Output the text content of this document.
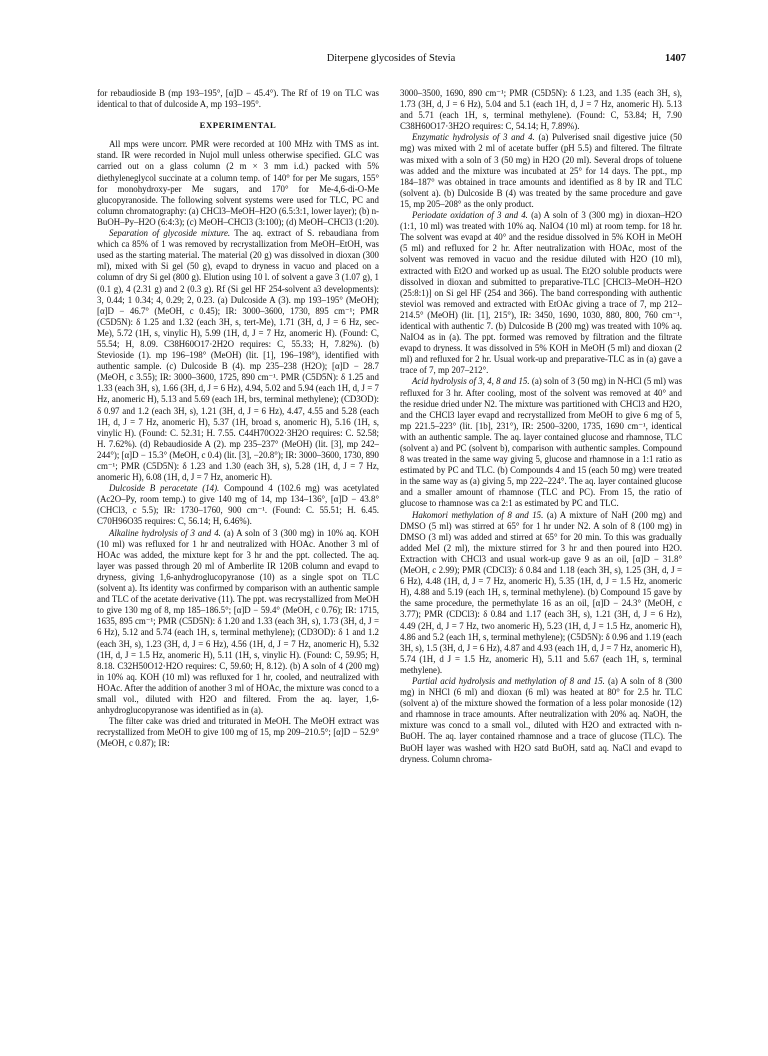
Diterpene glycosides of Stevia	1407

for rebaudioside B (mp 193–195°, [α]D − 45.4°). The Rf of 19 on TLC was identical to that of dulcoside A, mp 193–195°.

EXPERIMENTAL

All mps were uncorr. PMR were recorded at 100 MHz with TMS as int. stand. IR were recorded in Nujol mull unless otherwise specified. GLC was carried out on a glass column (2 m × 3 mm i.d.) packed with 5% diethyleneglycol succinate at a column temp. of 140° for per Me sugars, 155° for monohydroxy-per Me sugars, and 170° for Me-4,6-di-O-Me glucopyranoside. The following solvent systems were used for TLC, PC and column chromatography: (a) CHCl3–MeOH–H2O (6.5:3:1, lower layer); (b) n-BuOH–Py–H2O (6:4:3); (c) MeOH–CHCl3 (3:100); (d) MeOH–CHCl3 (1:20).

Separation of glycoside mixture. The aq. extract of S. rebaudiana from which ca 85% of 1 was removed by recrystallization from MeOH–EtOH, was used as the starting material. The material (20 g) was dissolved in dioxan (300 ml), mixed with Si gel (50 g), evapd to dryness in vacuo and placed on a column of dry Si gel (800 g). Elution using 10 l. of solvent a gave 3 (1.07 g), 1 (0.1 g), 4 (2.31 g) and 2 (0.3 g). Rf (Si gel HF 254-solvent a3 developments): 3, 0.44; 1 0.34; 4, 0.29; 2, 0.23. (a) Dulcoside A (3). mp 193–195° (MeOH); [α]D − 46.7° (MeOH, c 0.45); IR: 3000–3600, 1730, 895 cm⁻¹; PMR (C5D5N): δ 1.25 and 1.32 (each 3H, s, tert-Me), 1.71 (3H, d, J = 6 Hz, sec-Me), 5.72 (1H, s, vinylic H), 5.99 (1H, d, J = 7 Hz, anomeric H). (Found: C, 55.54; H, 8.09. C38H60O17·2H2O requires: C, 55.33; H, 7.82%). (b) Stevioside (1). mp 196–198° (MeOH) (lit. [1], 196–198°), identified with authentic sample. (c) Dulcoside B (4). mp 235–238 (H2O); [α]D − 28.7 (MeOH, c 3.55); IR: 3000–3600, 1725, 890 cm⁻¹. PMR (C5D5N): δ 1.25 and 1.33 (each 3H, s), 1.66 (3H, d, J = 6 Hz), 4.94, 5.02 and 5.94 (each 1H, d, J = 7 Hz, anomeric H), 5.13 and 5.69 (each 1H, brs, terminal methylene); (CD3OD): δ 0.97 and 1.2 (each 3H, s), 1.21 (3H, d, J = 6 Hz), 4.47, 4.55 and 5.28 (each 1H, d, J = 7 Hz, anomeric H), 5.37 (1H, broad s, anomeric H), 5.16 (1H, s, vinylic H). (Found: C. 52.31; H. 7.55. C44H70O22·3H2O requires: C. 52.58; H. 7.62%). (d) Rebaudioside A (2). mp 235–237° (MeOH) (lit. [3], mp 242–244°); [α]D − 15.3° (MeOH, c 0.4) (lit. [3], −20.8°); IR: 3000–3600, 1730, 890 cm⁻¹; PMR (C5D5N): δ 1.23 and 1.30 (each 3H, s), 5.28 (1H, d, J = 7 Hz, anomeric H), 6.08 (1H, d, J = 7 Hz, anomeric H).

Dulcoside B peracetate (14). Compound 4 (102.6 mg) was acetylated (Ac2O–Py, room temp.) to give 140 mg of 14, mp 134–136°, [α]D − 43.8° (CHCl3, c 5.5); IR: 1730–1760, 900 cm⁻¹. (Found: C. 55.51; H. 6.45. C70H96O35 requires: C, 56.14; H, 6.46%).

Alkaline hydrolysis of 3 and 4. (a) A soln of 3 (300 mg) in 10% aq. KOH (10 ml) was refluxed for 1 hr and neutralized with HOAc. Another 3 ml of HOAc was added, the mixture kept for 3 hr and the ppt. collected. The aq. layer was passed through 20 ml of Amberlite IR 120B column and evapd to dryness, giving 1,6-anhydroglucopyranose (10) as a single spot on TLC (solvent a). Its identity was confirmed by comparison with an authentic sample and TLC of the acetate derivative (11). The ppt. was recrystallized from MeOH to give 130 mg of 8, mp 185–186.5°; [α]D − 59.4° (MeOH, c 0.76); IR: 1715, 1635, 895 cm⁻¹; PMR (C5D5N): δ 1.20 and 1.33 (each 3H, s), 1.73 (3H, d, J = 6 Hz), 5.12 and 5.74 (each 1H, s, terminal methylene); (CD3OD): δ 1 and 1.2 (each 3H, s), 1.23 (3H, d, J = 6 Hz), 4.56 (1H, d, J = 7 Hz, anomeric H), 5.32 (1H, d, J = 1.5 Hz, anomeric H), 5.11 (1H, s, vinylic H). (Found: C, 59.95; H, 8.18. C32H50O12·H2O requires: C, 59.60; H, 8.12). (b) A soln of 4 (200 mg) in 10% aq. KOH (10 ml) was refluxed for 1 hr, cooled, and neutralized with HOAc. After the addition of another 3 ml of HOAc, the mixture was concd to a small vol., diluted with H2O and filtered. From the aq. layer, 1,6-anhydroglucopyranose was identified as in (a).

The filter cake was dried and triturated in MeOH. The MeOH extract was recrystallized from MeOH to give 100 mg of 15, mp 209–210.5°; [α]D − 52.9° (MeOH, c 0.87); IR:

3000–3500, 1690, 890 cm⁻¹; PMR (C5D5N): δ 1.23, and 1.35 (each 3H, s), 1.73 (3H, d, J = 6 Hz), 5.04 and 5.1 (each 1H, d, J = 7 Hz, anomeric H). 5.13 and 5.71 (each 1H, s, terminal methylene). (Found: C, 53.84; H, 7.90 C38H60O17·3H2O requires: C, 54.14; H, 7.89%).

Enzymatic hydrolysis of 3 and 4. (a) Pulverised snail digestive juice (50 mg) was mixed with 2 ml of acetate buffer (pH 5.5) and filtered. The filtrate was mixed with a soln of 3 (50 mg) in H2O (20 ml). Several drops of toluene was added and the mixture was incubated at 25° for 14 days. The ppt., mp 184–187° was obtained in trace amounts and identified as 8 by IR and TLC (solvent a). (b) Dulcoside B (4) was treated by the same procedure and gave 15, mp 205–208° as the only product.

Periodate oxidation of 3 and 4. (a) A soln of 3 (300 mg) in dioxan–H2O (1:1, 10 ml) was treated with 10% aq. NaIO4 (10 ml) at room temp. for 18 hr. The solvent was evapd at 40° and the residue dissolved in 5% KOH in MeOH (5 ml) and refluxed for 2 hr. After neutralization with HOAc, most of the solvent was removed in vacuo and the residue diluted with H2O (10 ml), extracted with Et2O and worked up as usual. The Et2O soluble products were dissolved in dioxan and submitted to preparative-TLC [CHCl3–MeOH–H2O (25:8:1)] on Si gel HF (254 and 366). The band corresponding with authentic steviol was removed and extracted with EtOAc giving a trace of 7, mp 212–214.5° (MeOH) (lit. [1], 215°), IR: 3450, 1690, 1030, 880, 800, 760 cm⁻¹, identical with authentic 7. (b) Dulcoside B (200 mg) was treated with 10% aq. NaIO4 as in (a). The ppt. formed was removed by filtration and the filtrate evapd to dryness. It was dissolved in 5% KOH in MeOH (5 ml) and dioxan (2 ml) and refluxed for 2 hr. Usual work-up and preparative-TLC as in (a) gave a trace of 7, mp 207–212°.

Acid hydrolysis of 3, 4, 8 and 15. (a) soln of 3 (50 mg) in N-HCl (5 ml) was refluxed for 3 hr. After cooling, most of the solvent was removed at 40° and the residue dried under N2. The mixture was partitioned with CHCl3 and H2O, and the CHCl3 layer evapd and recrystallized from MeOH to give 6 mg of 5, mp 221.5–223° (lit. [1b], 231°), IR: 2500–3200, 1735, 1690 cm⁻¹, identical with an authentic sample. The aq. layer contained glucose and rhamnose, TLC (solvent a) and PC (solvent b), comparison with authentic samples. Compound 8 was treated in the same way giving 5, glucose and rhamnose in a 1:1 ratio as estimated by PC and TLC. (b) Compounds 4 and 15 (each 50 mg) were treated in the same way as (a) giving 5, mp 222–224°. The aq. layer contained glucose and a smaller amount of rhamnose (TLC and PC). From 15, the ratio of glucose to rhamnose was ca 2:1 as estimated by PC and TLC.

Hakomori methylation of 8 and 15. (a) A mixture of NaH (200 mg) and DMSO (5 ml) was stirred at 65° for 1 hr under N2. A soln of 8 (100 mg) in DMSO (3 ml) was added and stirred at 65° for 20 min. To this was gradually added MeI (2 ml), the mixture stirred for 3 hr and then poured into H2O. Extraction with CHCl3 and usual work-up gave 9 as an oil, [α]D − 31.8° (MeOH, c 2.99); PMR (CDCl3): δ 0.84 and 1.18 (each 3H, s), 1.25 (3H, d, J = 6 Hz), 4.48 (1H, d, J = 7 Hz, anomeric H), 5.35 (1H, d, J = 1.5 Hz, anomeric H), 4.88 and 5.19 (each 1H, s, terminal methylene). (b) Compound 15 gave by the same procedure, the permethylate 16 as an oil, [α]D − 24.3° (MeOH, c 3.77); PMR (CDCl3): δ 0.84 and 1.17 (each 3H, s), 1.21 (3H, d, J = 6 Hz), 4.49 (2H, d, J = 7 Hz, two anomeric H), 5.23 (1H, d, J = 1.5 Hz, anomeric H), 4.86 and 5.2 (each 1H, s, terminal methylene); (C5D5N): δ 0.96 and 1.19 (each 3H, s), 1.5 (3H, d, J = 6 Hz), 4.87 and 4.93 (each 1H, d, J = 7 Hz, anomeric H), 5.74 (1H, d J = 1.5 Hz, anomeric H), 5.11 and 5.67 (each 1H, s, terminal methylene).

Partial acid hydrolysis and methylation of 8 and 15. (a) A soln of 8 (300 mg) in NHCl (6 ml) and dioxan (6 ml) was heated at 80° for 2.5 hr. TLC (solvent a) of the mixture showed the formation of a less polar monoside (12) and rhamnose in trace amounts. After neutralization with 20% aq. NaOH, the mixture was concd to a small vol., diluted with H2O and extracted with n-BuOH. The aq. layer contained rhamnose and a trace of glucose (TLC). The BuOH layer was washed with H2O satd BuOH, satd aq. NaCl and evapd to dryness. Column chroma-
